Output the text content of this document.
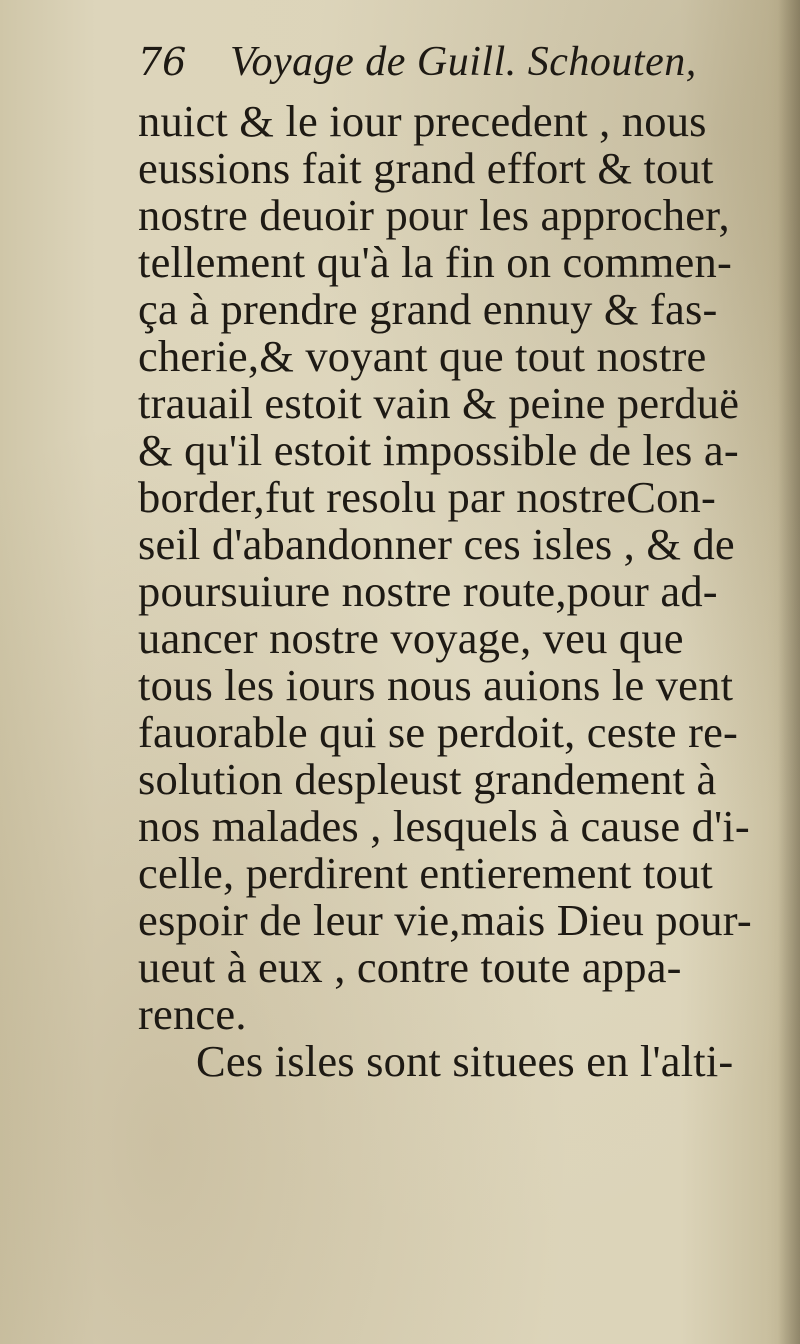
76 Voyage de Guill. Schouten,
nuict & le iour precedent , nous
eussions fait grand effort & tout
nostre deuoir pour les approcher,
tellement qu'à la fin on commen-
ça à prendre grand ennuy & fas-
cherie,& voyant que tout nostre
trauail estoit vain & peine perduë
& qu'il estoit impossible de les a-
border,fut resolu par nostreCon-
seil d'abandonner ces isles , & de
poursuiure nostre route,pour ad-
uancer nostre voyage, veu que
tous les iours nous auions le vent
fauorable qui se perdoit, ceste re-
solution despleust grandement à
nos malades , lesquels à cause d'i-
celle, perdirent entierement tout
espoir de leur vie,mais Dieu pour-
ueut à eux , contre toute appa-
rence.
Ces isles sont situees en l'alti-
